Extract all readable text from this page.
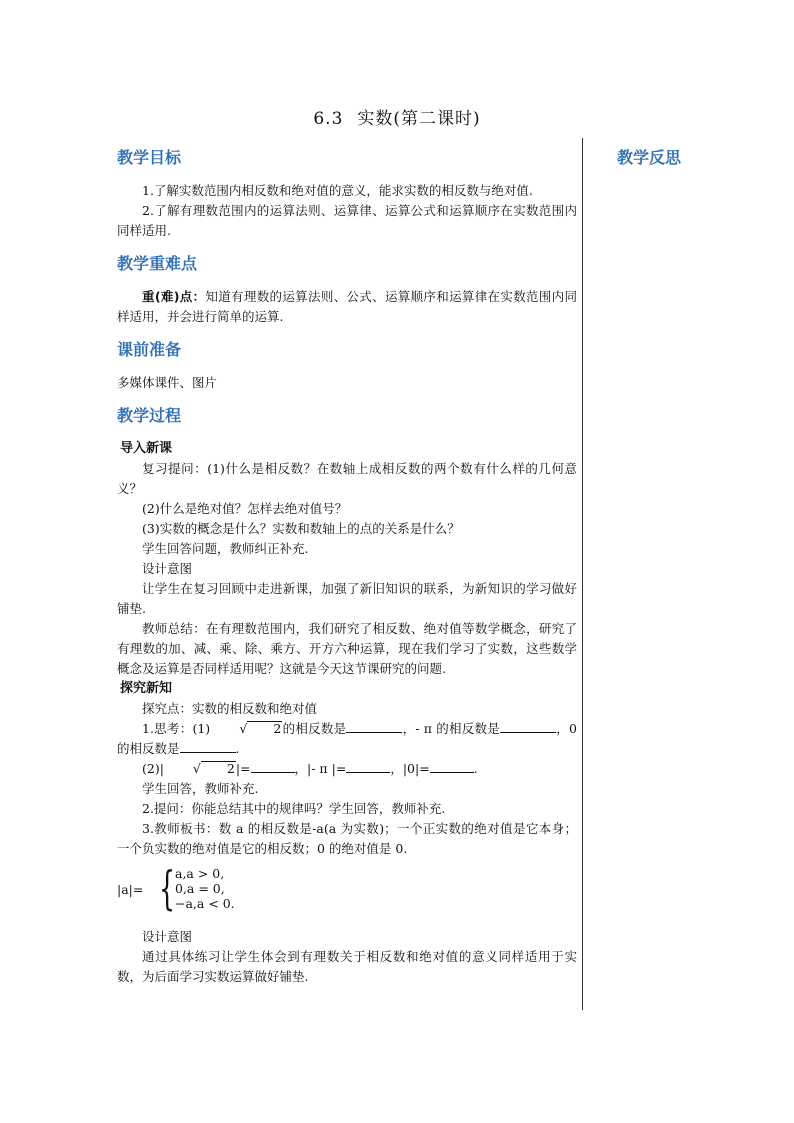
6.3 实数(第二课时)
教学反思
教学目标

1.了解实数范围内相反数和绝对值的意义，能求实数的相反数与绝对值.

2.了解有理数范围内的运算法则、运算律、运算公式和运算顺序在实数范围内同样适用.

教学重难点

重(难)点：知道有理数的运算法则、公式、运算顺序和运算律在实数范围内同样适用，并会进行简单的运算.

课前准备

多媒体课件、图片

教学过程
导入新课

复习提问：(1)什么是相反数？在数轴上成相反数的两个数有什么样的几何意义？

(2)什么是绝对值？怎样去绝对值号？

(3)实数的概念是什么？实数和数轴上的点的关系是什么？

学生回答问题，教师纠正补充.

设计意图

让学生在复习回顾中走进新课，加强了新旧知识的联系，为新知识的学习做好铺垫.

教师总结：在有理数范围内，我们研究了相反数、绝对值等数学概念，研究了有理数的加、减、乘、除、乘方、开方六种运算，现在我们学习了实数，这些数学概念及运算是否同样适用呢？这就是今天这节课研究的问题.

探究新知

探究点：实数的相反数和绝对值

1.思考：(1) √ 2的相反数是	，- π 的相反数是	，0 的相反数是	.

(2)| √ 2|=	，|- π |=	，|0|=	.

学生回答，教师补充.

2.提问：你能总结其中的规律吗？学生回答，教师补充.

3.教师板书：数 a 的相反数是-a(a 为实数)；一个正实数的绝对值是它本身；一个负实数的绝对值是它的相反数；0 的绝对值是 0.

|a|= { a,a > 0,
0,a = 0,
−a,a < 0.

设计意图

通过具体练习让学生体会到有理数关于相反数和绝对值的意义同样适用于实数，为后面学习实数运算做好铺垫.
